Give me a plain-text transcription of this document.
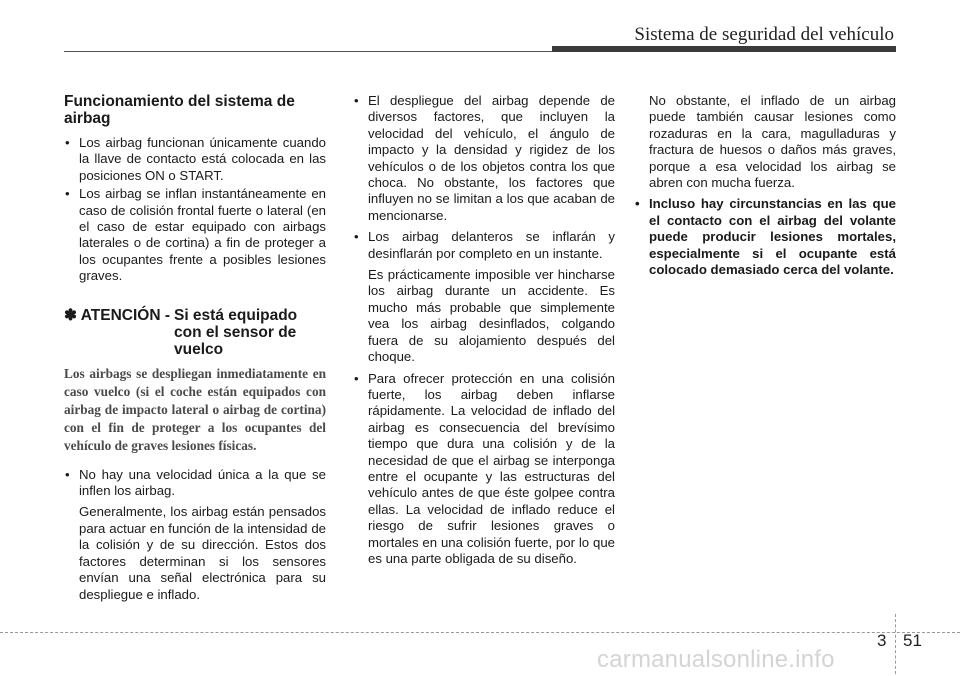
Sistema de seguridad del vehículo
Funcionamiento del sistema de airbag
• Los airbag funcionan únicamente cuando la llave de contacto está colocada en las posiciones ON o START.
• Los airbag se inflan instantáneamente en caso de colisión frontal fuerte o lateral (en el caso de estar equipado con airbags laterales o de cortina) a fin de proteger a los ocupantes frente a posibles lesiones graves.
✽ ATENCIÓN - Si está equipado con el sensor de vuelco
Los airbags se despliegan inmediatamente en caso vuelco (si el coche están equipados con airbag de impacto lateral o airbag de cortina) con el fin de proteger a los ocupantes del vehículo de graves lesiones físicas.
• No hay una velocidad única a la que se inflen los airbag.
Generalmente, los airbag están pensados para actuar en función de la intensidad de la colisión y de su dirección. Estos dos factores determinan si los sensores envían una señal electrónica para su despliegue e inflado.
• El despliegue del airbag depende de diversos factores, que incluyen la velocidad del vehículo, el ángulo de impacto y la densidad y rigidez de los vehículos o de los objetos contra los que choca. No obstante, los factores que influyen no se limitan a los que acaban de mencionarse.
• Los airbag delanteros se inflarán y desinflarán por completo en un instante.
Es prácticamente imposible ver hincharse los airbag durante un accidente. Es mucho más probable que simplemente vea los airbag desinflados, colgando fuera de su alojamiento después del choque.
• Para ofrecer protección en una colisión fuerte, los airbag deben inflarse rápidamente. La velocidad de inflado del airbag es consecuencia del brevísimo tiempo que dura una colisión y de la necesidad de que el airbag se interponga entre el ocupante y las estructuras del vehículo antes de que éste golpee contra ellas. La velocidad de inflado reduce el riesgo de sufrir lesiones graves o mortales en una colisión fuerte, por lo que es una parte obligada de su diseño.
No obstante, el inflado de un airbag puede también causar lesiones como rozaduras en la cara, magulladuras y fractura de huesos o daños más graves, porque a esa velocidad los airbag se abren con mucha fuerza.
• Incluso hay circunstancias en las que el contacto con el airbag del volante puede producir lesiones mortales, especialmente si el ocupante está colocado demasiado cerca del volante.
3 51
carmanualsonline.info
